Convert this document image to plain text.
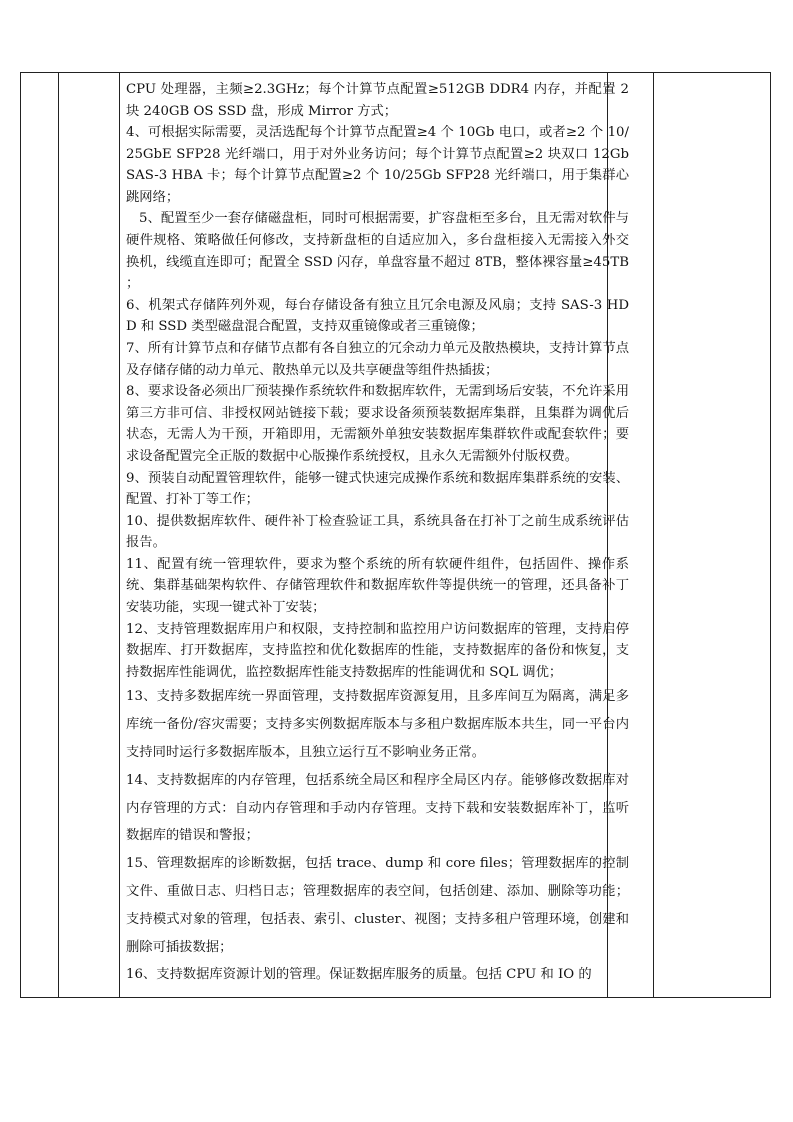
CPU 处理器，主频≥2.3GHz；每个计算节点配置≥512GB DDR4 内存，并配置 2 块 240GB OS SSD 盘，形成 Mirror 方式；

4、可根据实际需要，灵活选配每个计算节点配置≥4 个 10Gb 电口，或者≥2 个 10/25GbE SFP28 光纤端口，用于对外业务访问；每个计算节点配置≥2 块双口 12Gb SAS-3 HBA 卡；每个计算节点配置≥2 个 10/25Gb SFP28 光纤端口，用于集群心跳网络；

5、配置至少一套存储磁盘柜，同时可根据需要，扩容盘柜至多台，且无需对软件与硬件规格、策略做任何修改，支持新盘柜的自适应加入，多台盘柜接入无需接入外交换机，线缆直连即可；配置全 SSD 闪存，单盘容量不超过 8TB，整体裸容量≥45TB ；

6、机架式存储阵列外观，每台存储设备有独立且冗余电源及风扇；支持 SAS-3 HDD 和 SSD 类型磁盘混合配置，支持双重镜像或者三重镜像；

7、所有计算节点和存储节点都有各自独立的冗余动力单元及散热模块，支持计算节点及存储存储的动力单元、散热单元以及共享硬盘等组件热插拔；

8、要求设备必须出厂预装操作系统软件和数据库软件，无需到场后安装，不允许采用第三方非可信、非授权网站链接下载；要求设备须预装数据库集群，且集群为调优后状态，无需人为干预，开箱即用，无需额外单独安装数据库集群软件或配套软件；要求设备配置完全正版的数据中心版操作系统授权，且永久无需额外付版权费。

9、预装自动配置管理软件，能够一键式快速完成操作系统和数据库集群系统的安装、配置、打补丁等工作；

10、提供数据库软件、硬件补丁检查验证工具，系统具备在打补丁之前生成系统评估报告。

11、配置有统一管理软件，要求为整个系统的所有软硬件组件，包括固件、操作系统、集群基础架构软件、存储管理软件和数据库软件等提供统一的管理，还具备补丁安装功能，实现一键式补丁安装；

12、支持管理数据库用户和权限，支持控制和监控用户访问数据库的管理，支持启停数据库、打开数据库，支持监控和优化数据库的性能，支持数据库的备份和恢复，支持数据库性能调优，监控数据库性能支持数据库的性能调优和 SQL 调优；

13、支持多数据库统一界面管理，支持数据库资源复用，且多库间互为隔离，满足多库统一备份/容灾需要；支持多实例数据库版本与多租户数据库版本共生，同一平台内支持同时运行多数据库版本，且独立运行互不影响业务正常。

14、支持数据库的内存管理，包括系统全局区和程序全局区内存。能够修改数据库对内存管理的方式：自动内存管理和手动内存管理。支持下载和安装数据库补丁，监听数据库的错误和警报；

15、管理数据库的诊断数据，包括 trace、dump 和 core files；管理数据库的控制文件、重做日志、归档日志；管理数据库的表空间，包括创建、添加、删除等功能；支持模式对象的管理，包括表、索引、cluster、视图；支持多租户管理环境，创建和删除可插拔数据；

16、支持数据库资源计划的管理。保证数据库服务的质量。包括 CPU 和 IO 的
